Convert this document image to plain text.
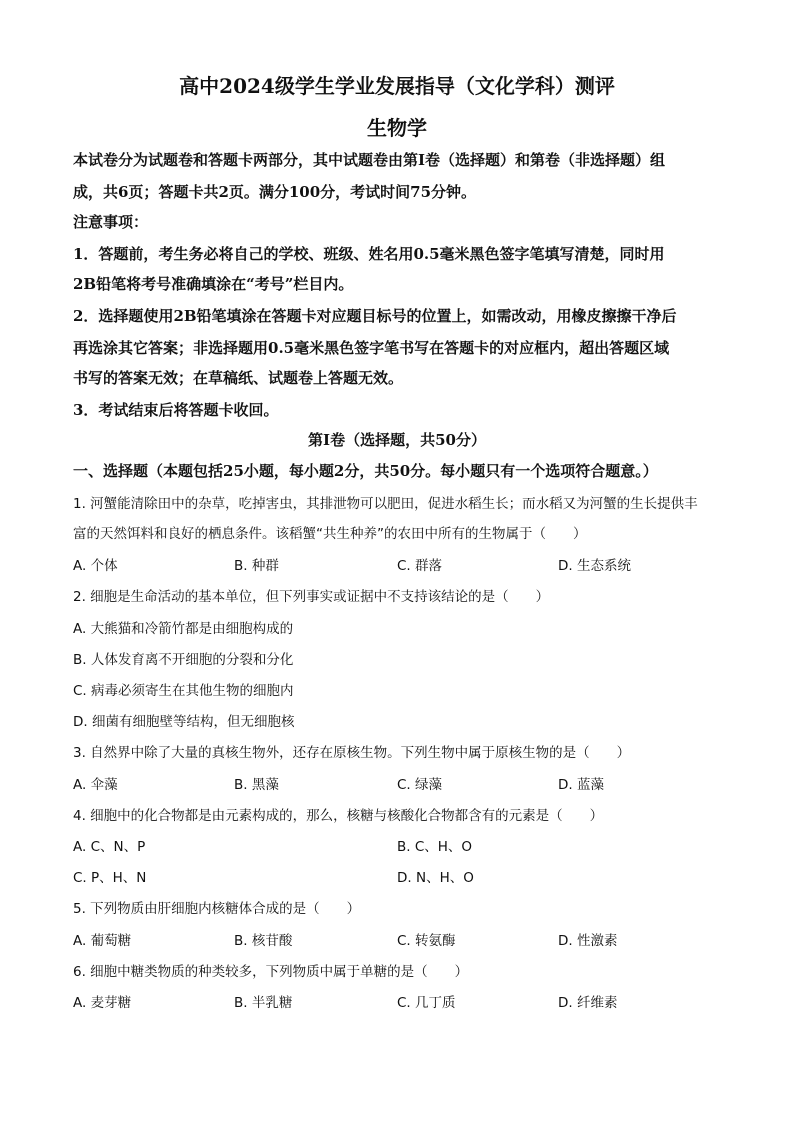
高中2024级学生学业发展指导（文化学科）测评
生物学
本试卷分为试题卷和答题卡两部分，其中试题卷由第I卷（选择题）和第卷（非选择题）组
成，共6页；答题卡共2页。满分100分，考试时间75分钟。
注意事项：
1．答题前，考生务必将自己的学校、班级、姓名用0.5毫米黑色签字笔填写清楚，同时用
2B铅笔将考号准确填涂在“考号”栏目内。
2．选择题使用2B铅笔填涂在答题卡对应题目标号的位置上，如需改动，用橡皮擦擦干净后
再选涂其它答案；非选择题用0.5毫米黑色签字笔书写在答题卡的对应框内，超出答题区域
书写的答案无效；在草稿纸、试题卷上答题无效。
3．考试结束后将答题卡收回。
第I卷（选择题，共50分）
一、选择题（本题包括25小题，每小题2分，共50分。每小题只有一个选项符合题意。）
1. 河蟹能清除田中的杂草，吃掉害虫，其排泄物可以肥田，促进水稻生长；而水稻又为河蟹的生长提供丰
富的天然饵料和良好的栖息条件。该稻蟹“共生种养”的农田中所有的生物属于（　　）
A. 个体	B. 种群	C. 群落	D. 生态系统
2. 细胞是生命活动的基本单位，但下列事实或证据中不支持该结论的是（　　）
A. 大熊猫和冷箭竹都是由细胞构成的
B. 人体发育离不开细胞的分裂和分化
C. 病毒必须寄生在其他生物的细胞内
D. 细菌有细胞壁等结构，但无细胞核
3. 自然界中除了大量的真核生物外，还存在原核生物。下列生物中属于原核生物的是（　　）
A. 伞藻	B. 黑藻	C. 绿藻	D. 蓝藻
4. 细胞中的化合物都是由元素构成的，那么，核糖与核酸化合物都含有的元素是（　　）
A. C、N、P	B. C、H、O
C. P、H、N	D. N、H、O
5. 下列物质由肝细胞内核糖体合成的是（　　）
A. 葡萄糖	B. 核苷酸	C. 转氨酶	D. 性激素
6. 细胞中糖类物质的种类较多，下列物质中属于单糖的是（　　）
A. 麦芽糖	B. 半乳糖	C. 几丁质	D. 纤维素
